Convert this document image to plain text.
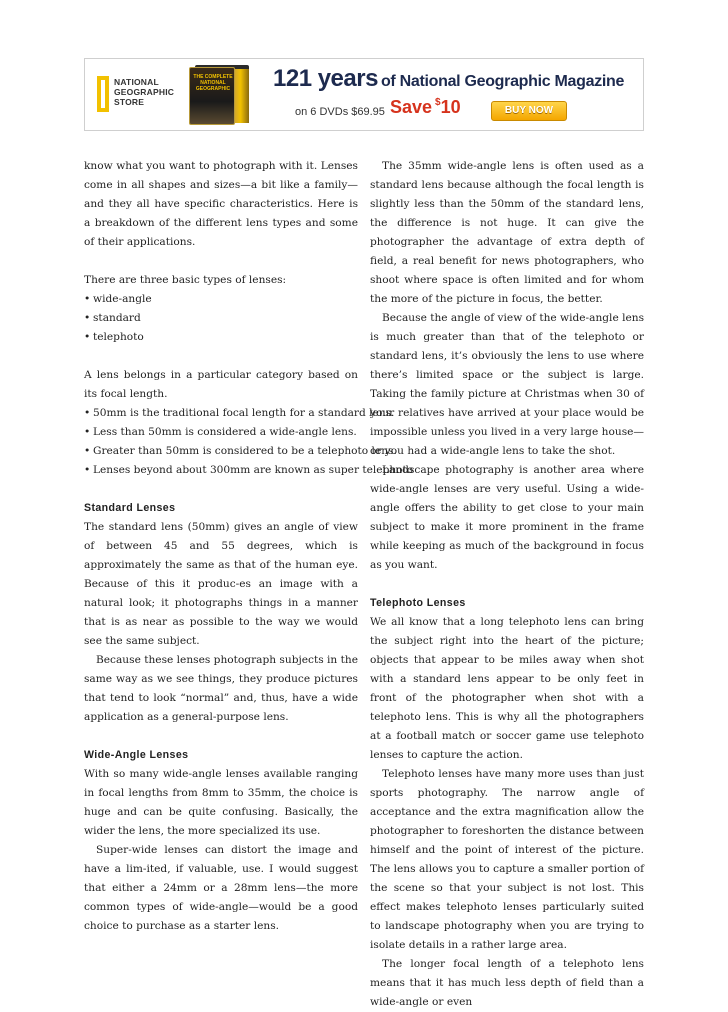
NATIONAL
GEOGRAPHIC
STORE
THE COMPLETE NATIONAL GEOGRAPHIC 121 years of National Geographic Magazine
on 6 DVDs $69.95 Save $10	BUY NOW

know what you want to photograph with it. Lenses come in all shapes and sizes—a bit like a family—and they all have specific characteristics. Here is a breakdown of the different lens types and some of their applications.

There are three basic types of lenses:

• wide-angle

• standard

• telephoto

A lens belongs in a particular category based on its focal length.

• 50mm is the traditional focal length for a standard lens.

• Less than 50mm is considered a wide-angle lens.

• Greater than 50mm is considered to be a telephoto lens.

• Lenses beyond about 300mm are known as super telephoto

Standard Lenses

The standard lens (50mm) gives an angle of view of between 45 and 55 degrees, which is approximately the same as that of the human eye. Because of this it produc-es an image with a natural look; it photographs things in a manner that is as near as possible to the way we would see the same subject.

Because these lenses photograph subjects in the same way as we see things, they produce pictures that tend to look “normal” and, thus, have a wide application as a general-purpose lens.

Wide-Angle Lenses

With so many wide-angle lenses available ranging in focal lengths from 8mm to 35mm, the choice is huge and can be quite confusing. Basically, the wider the lens, the more specialized its use.

Super-wide lenses can distort the image and have a lim-ited, if valuable, use. I would suggest that either a 24mm or a 28mm lens—the more common types of wide-angle—would be a good choice to purchase as a starter lens.

The 35mm wide-angle lens is often used as a standard lens because although the focal length is slightly less than the 50mm of the standard lens, the difference is not huge. It can give the photographer the advantage of extra depth of field, a real benefit for news photographers, who shoot where space is often limited and for whom the more of the picture in focus, the better.

Because the angle of view of the wide-angle lens is much greater than that of the telephoto or standard lens, it’s obviously the lens to use where there’s limited space or the subject is large. Taking the family picture at Christmas when 30 of your relatives have arrived at your place would be impossible unless you lived in a very large house—or you had a wide-angle lens to take the shot.

Landscape photography is another area where wide-angle lenses are very useful. Using a wide-angle offers the ability to get close to your main subject to make it more prominent in the frame while keeping as much of the background in focus as you want.

Telephoto Lenses

We all know that a long telephoto lens can bring the subject right into the heart of the picture; objects that appear to be miles away when shot with a standard lens appear to be only feet in front of the photographer when shot with a telephoto lens. This is why all the photographers at a football match or soccer game use telephoto lenses to capture the action.

Telephoto lenses have many more uses than just sports photography. The narrow angle of acceptance and the extra magnification allow the photographer to foreshorten the distance between himself and the point of interest of the picture. The lens allows you to capture a smaller portion of the scene so that your subject is not lost. This effect makes telephoto lenses particularly suited to landscape photography when you are trying to isolate details in a rather large area.

The longer focal length of a telephoto lens means that it has much less depth of field than a wide-angle or even
